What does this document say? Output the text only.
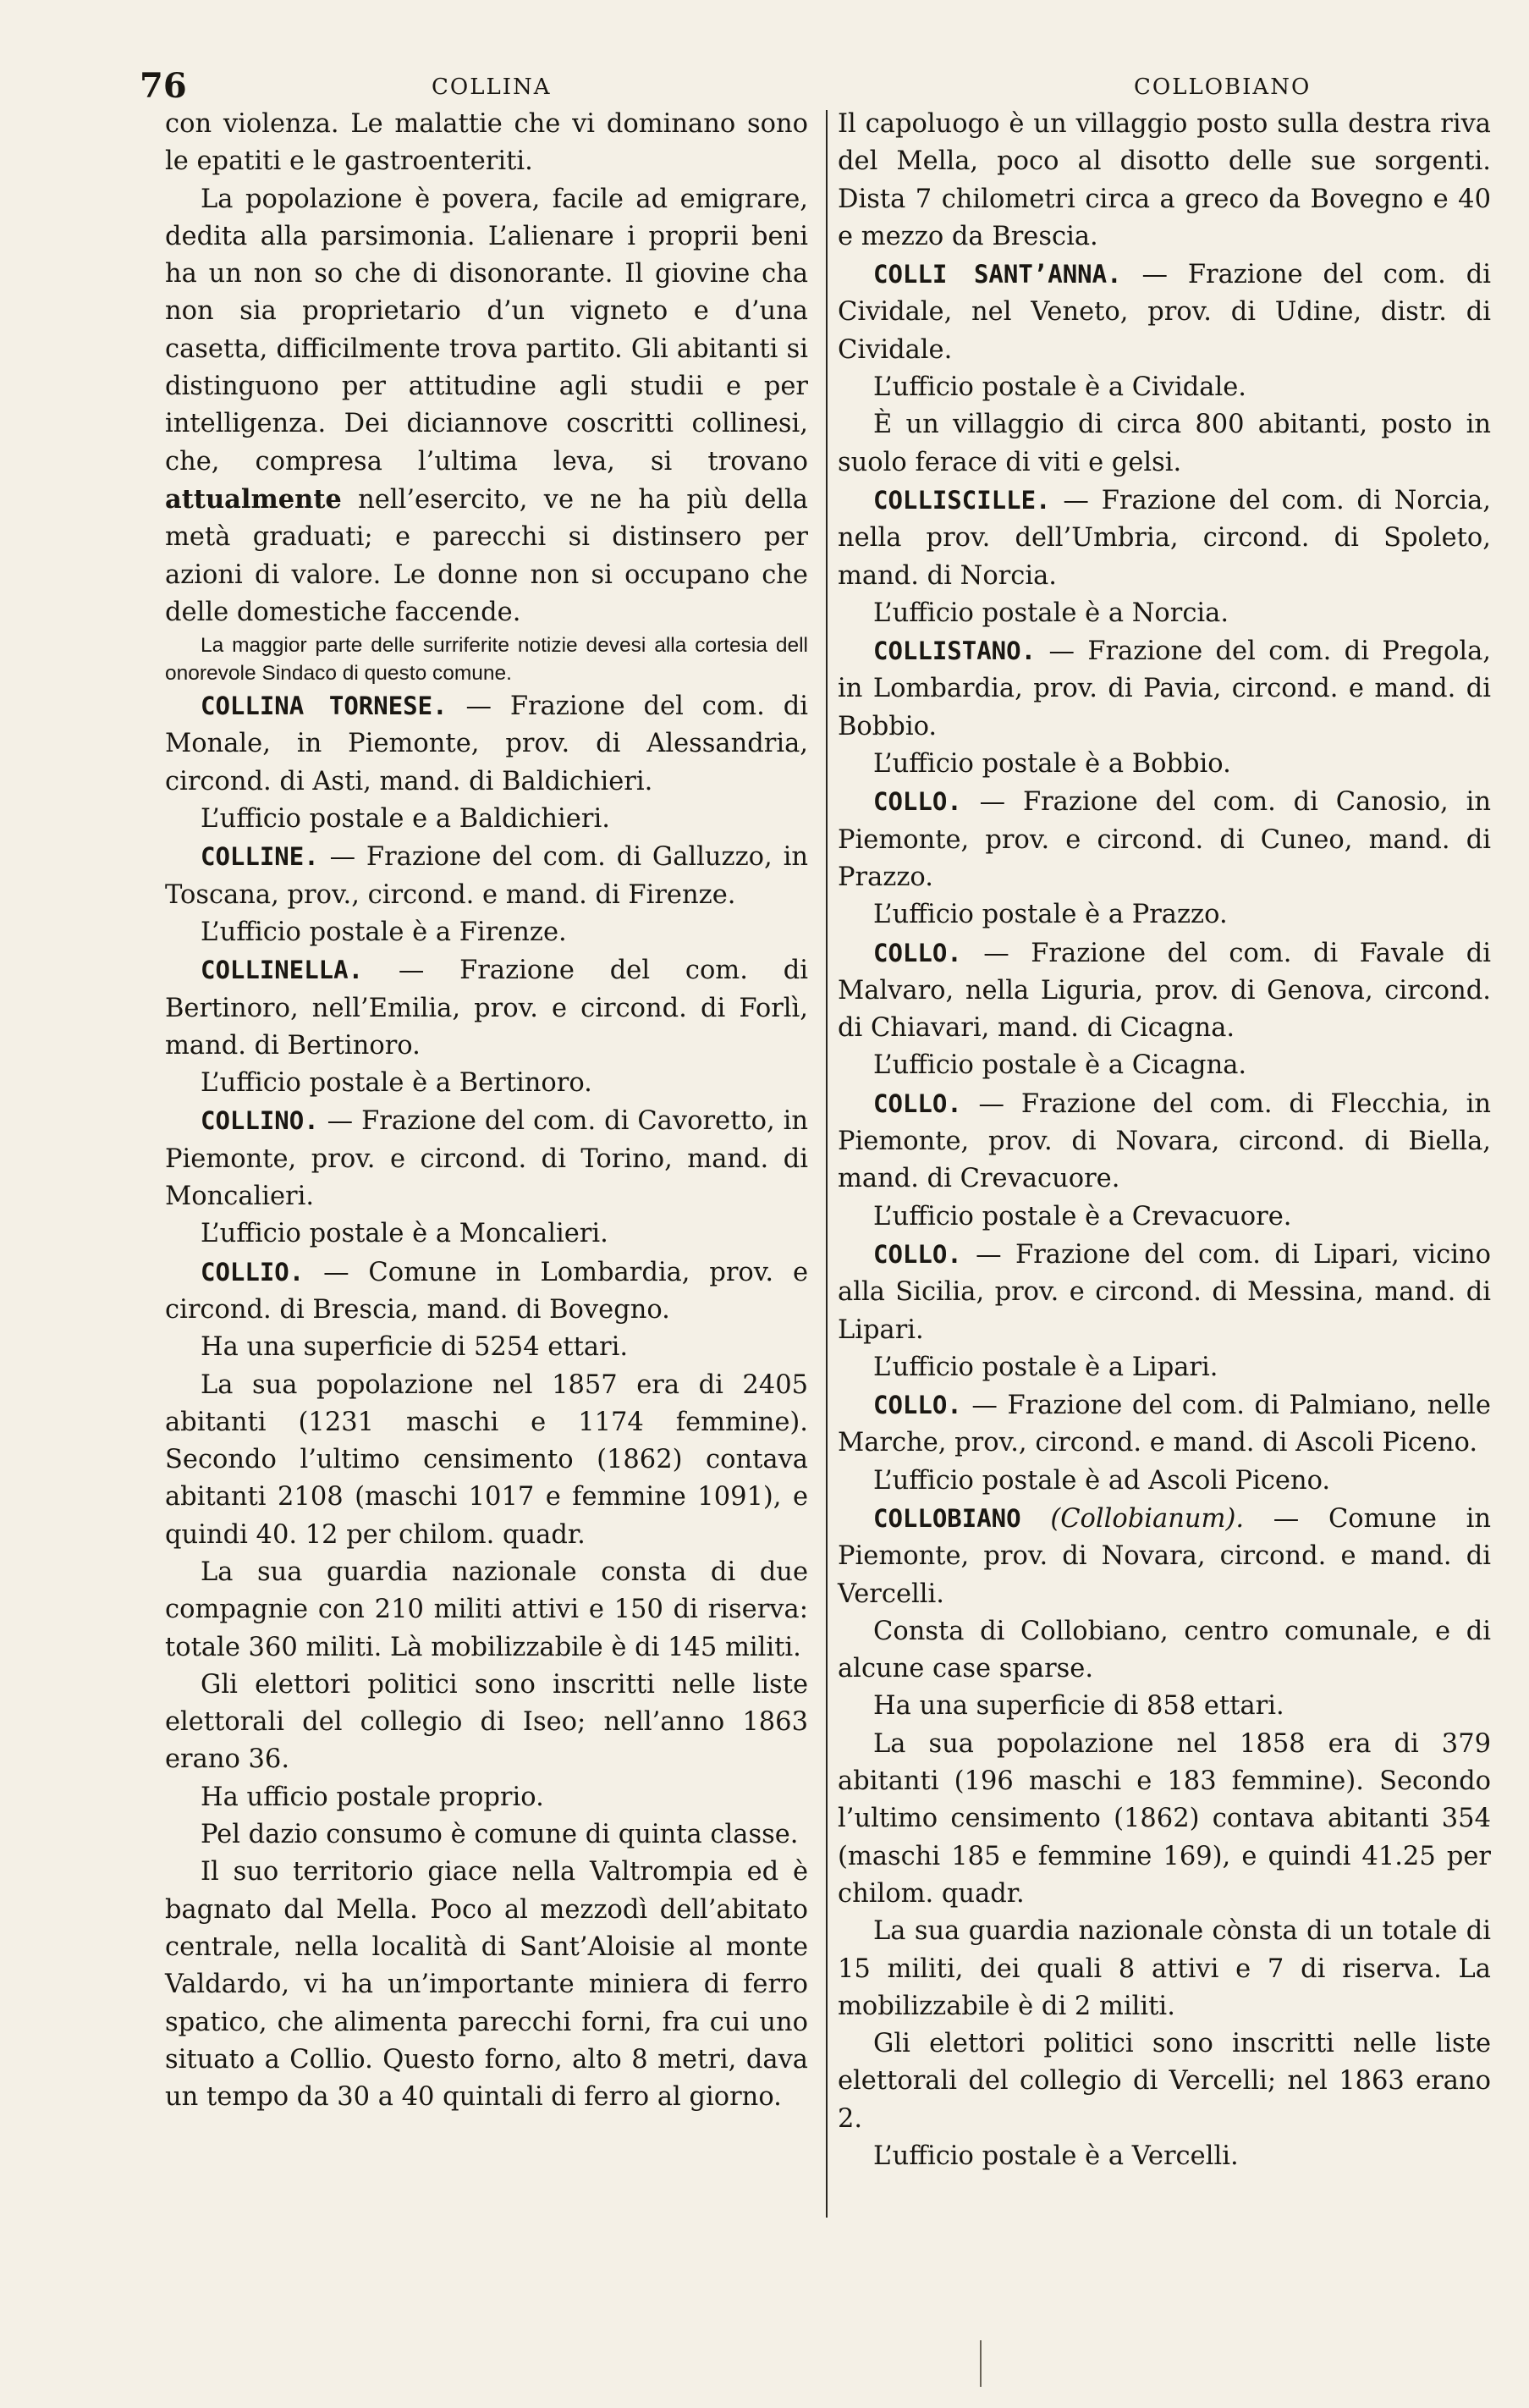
76	COLLINA	COLLOBIANO

con violenza. Le malattie che vi dominano sono le epatiti e le gastroenteriti.

La popolazione è povera, facile ad emigrare, dedita alla parsimonia. L’alienare i proprii beni ha un non so che di disonorante. Il giovine cha non sia proprietario d’un vigneto e d’una casetta, difficilmente trova partito. Gli abitanti si distinguono per attitudine agli studii e per intelligenza. Dei diciannove coscritti collinesi, che, compresa l’ultima leva, si trovano attualmente nell’esercito, ve ne ha più della metà graduati; e parecchi si distinsero per azioni di valore. Le donne non si occupano che delle domestiche faccende.

La maggior parte delle surriferite notizie devesi alla cortesia dell onorevole Sindaco di questo comune.

COLLINA TORNESE. — Frazione del com. di Monale, in Piemonte, prov. di Alessandria, circond. di Asti, mand. di Baldichieri.

L’ufficio postale e a Baldichieri.

COLLINE. — Frazione del com. di Galluzzo, in Toscana, prov., circond. e mand. di Firenze.

L’ufficio postale è a Firenze.

COLLINELLA. — Frazione del com. di Bertinoro, nell’Emilia, prov. e circond. di Forlì, mand. di Bertinoro.

L’ufficio postale è a Bertinoro.

COLLINO. — Frazione del com. di Cavoretto, in Piemonte, prov. e circond. di Torino, mand. di Moncalieri.

L’ufficio postale è a Moncalieri.

COLLIO. — Comune in Lombardia, prov. e circond. di Brescia, mand. di Bovegno.

Ha una superficie di 5254 ettari.

La sua popolazione nel 1857 era di 2405 abitanti (1231 maschi e 1174 femmine). Secondo l’ultimo censimento (1862) contava abitanti 2108 (maschi 1017 e femmine 1091), e quindi 40. 12 per chilom. quadr.

La sua guardia nazionale consta di due compagnie con 210 militi attivi e 150 di riserva: totale 360 militi. Là mobilizzabile è di 145 militi.

Gli elettori politici sono inscritti nelle liste elettorali del collegio di Iseo; nell’anno 1863 erano 36.

Ha ufficio postale proprio.

Pel dazio consumo è comune di quinta classe.

Il suo territorio giace nella Valtrompia ed è bagnato dal Mella. Poco al mezzodì dell’abitato centrale, nella località di Sant’Aloisie al monte Valdardo, vi ha un’importante miniera di ferro spatico, che alimenta parecchi forni, fra cui uno situato a Collio. Questo forno, alto 8 metri, dava un tempo da 30 a 40 quintali di ferro al giorno.

Il capoluogo è un villaggio posto sulla destra riva del Mella, poco al disotto delle sue sorgenti. Dista 7 chilometri circa a greco da Bovegno e 40 e mezzo da Brescia.

COLLI SANT’ANNA. — Frazione del com. di Cividale, nel Veneto, prov. di Udine, distr. di Cividale.

L’ufficio postale è a Cividale.

È un villaggio di circa 800 abitanti, posto in suolo ferace di viti e gelsi.

COLLISCILLE. — Frazione del com. di Norcia, nella prov. dell’Umbria, circond. di Spoleto, mand. di Norcia.

L’ufficio postale è a Norcia.

COLLISTANO. — Frazione del com. di Pregola, in Lombardia, prov. di Pavia, circond. e mand. di Bobbio.

L’ufficio postale è a Bobbio.

COLLO. — Frazione del com. di Canosio, in Piemonte, prov. e circond. di Cuneo, mand. di Prazzo.

L’ufficio postale è a Prazzo.

COLLO. — Frazione del com. di Favale di Malvaro, nella Liguria, prov. di Genova, circond. di Chiavari, mand. di Cicagna.

L’ufficio postale è a Cicagna.

COLLO. — Frazione del com. di Flecchia, in Piemonte, prov. di Novara, circond. di Biella, mand. di Crevacuore.

L’ufficio postale è a Crevacuore.

COLLO. — Frazione del com. di Lipari, vicino alla Sicilia, prov. e circond. di Messina, mand. di Lipari.

L’ufficio postale è a Lipari.

COLLO. — Frazione del com. di Palmiano, nelle Marche, prov., circond. e mand. di Ascoli Piceno.

L’ufficio postale è ad Ascoli Piceno.

COLLOBIANO (Collobianum). — Comune in Piemonte, prov. di Novara, circond. e mand. di Vercelli.

Consta di Collobiano, centro comunale, e di alcune case sparse.

Ha una superficie di 858 ettari.

La sua popolazione nel 1858 era di 379 abitanti (196 maschi e 183 femmine). Secondo l’ultimo censimento (1862) contava abitanti 354 (maschi 185 e femmine 169), e quindi 41.25 per chilom. quadr.

La sua guardia nazionale cònsta di un totale di 15 militi, dei quali 8 attivi e 7 di riserva. La mobilizzabile è di 2 militi.

Gli elettori politici sono inscritti nelle liste elettorali del collegio di Vercelli; nel 1863 erano 2.

L’ufficio postale è a Vercelli.
